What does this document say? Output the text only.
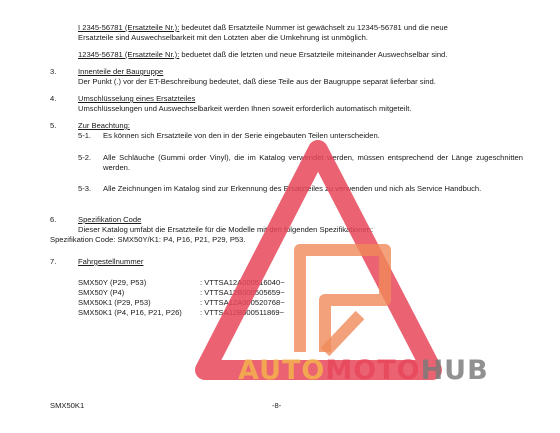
I 2345-56781 (Ersatzteile Nr.): bedeutet daß Ersatzteile Nummer ist gewächselt zu 12345-56781 und die neue
Ersatzteile sind Auswechselbarkeit mit den Lotzten aber die Umkehrung ist unmöglich.
12345-56781 (Ersatzteile Nr.): beduetet daß die letzten und neue Ersatzteile miteinander Auswechselbar sind.
3.	Innenteile der Baugruppe
Der Punkt (.) vor der ET-Beschreibung bedeutet, daß diese Teile aus der Baugruppe separat lieferbar sind.
4.	Umschlüsselung eines Ersatzteiles
Umschlüsselungen und Auswechselbarkeit werden Ihnen soweit erforderlich automatisch mitgeteilt.
5.	Zur Beachtung:
5-1. Es können sich Ersatzteile von den in der Serie eingebauten Teilen unterscheiden.
5-2. Alle Schläuche (Gummi order Vinyl), die im Katalog verwendet werden, müssen entsprechend der Länge zugeschnitten werden.
5-3. Alle Zeichnungen im Katalog sind zur Erkennung des Ersatzteiles zu verwenden und nich als Service Handbuch.
6.	Spezifikation Code
Dieser Katalog umfabt die Ersatzteile für die Modelle mit den folgenden Spezifikationen:
Spezifikation Code: SMX50Y/K1: P4, P16, P21, P29, P53.
7.	Fahrgestellnummer
SMX50Y (P29, P53)	: VTTSA12A000516040~
SMX50Y (P4)	: VTTSA12B000505659~
SMX50K1 (P29, P53)	: VTTSA12A000520768~
SMX50K1 (P4, P16, P21, P26) : VTTSA12B000511869~
SMX50K1	-8-
AUTOMOTOHUB
